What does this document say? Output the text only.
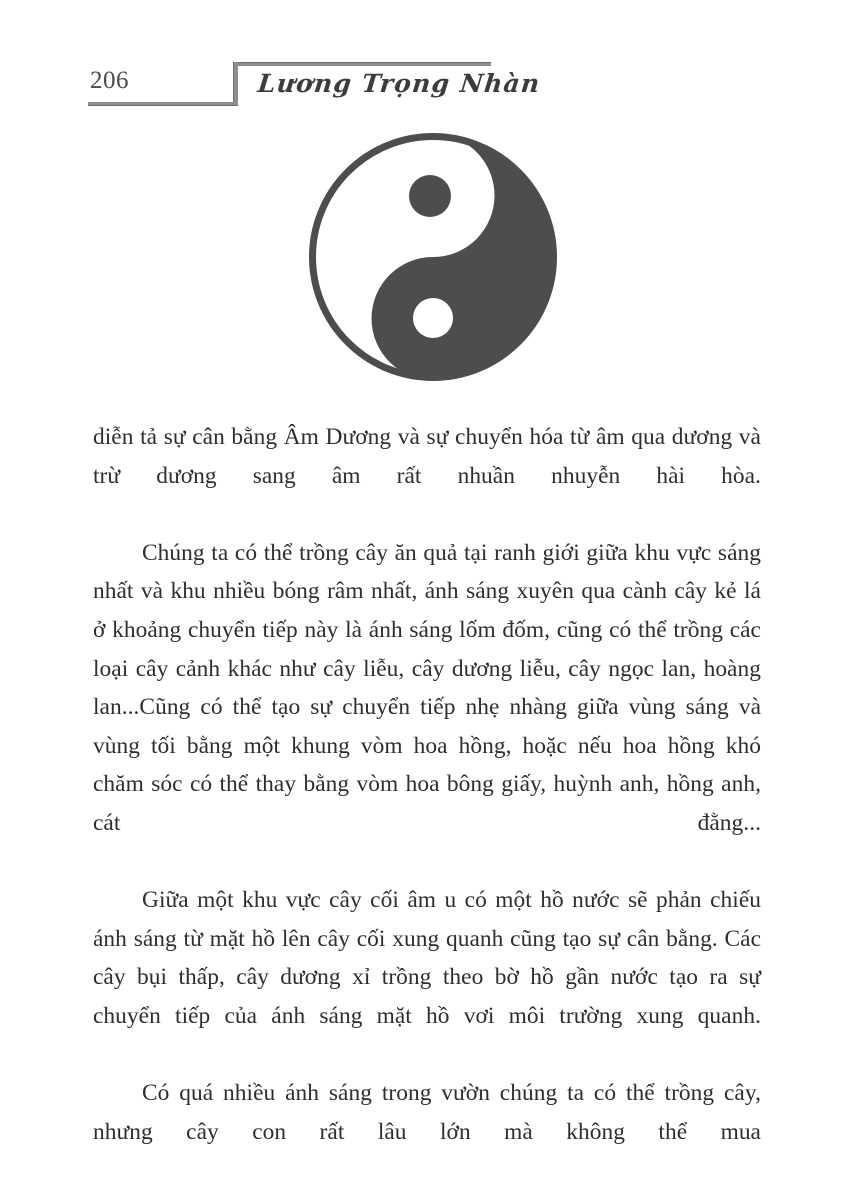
206	Lương Trọng Nhàn

diễn tả sự cân bằng Âm Dương và sự chuyển hóa từ âm qua dương và trừ dương sang âm rất nhuần nhuyễn hài hòa.

Chúng ta có thể trồng cây ăn quả tại ranh giới giữa khu vực sáng nhất và khu nhiều bóng râm nhất, ánh sáng xuyên qua cành cây kẻ lá ở khoảng chuyển tiếp này là ánh sáng lốm đốm, cũng có thể trồng các loại cây cảnh khác như cây liễu, cây dương liễu, cây ngọc lan, hoàng lan...Cũng có thể tạo sự chuyển tiếp nhẹ nhàng giữa vùng sáng và vùng tối bằng một khung vòm hoa hồng, hoặc nếu hoa hồng khó chăm sóc có thể thay bằng vòm hoa bông giấy, huỳnh anh, hồng anh, cát đằng...

Giữa một khu vực cây cối âm u có một hồ nước sẽ phản chiếu ánh sáng từ mặt hồ lên cây cối xung quanh cũng tạo sự cân bằng. Các cây bụi thấp, cây dương xỉ trồng theo bờ hồ gần nước tạo ra sự chuyển tiếp của ánh sáng mặt hồ vơi môi trường xung quanh.

Có quá nhiều ánh sáng trong vườn chúng ta có thể trồng cây, nhưng cây con rất lâu lớn mà không thể mua
